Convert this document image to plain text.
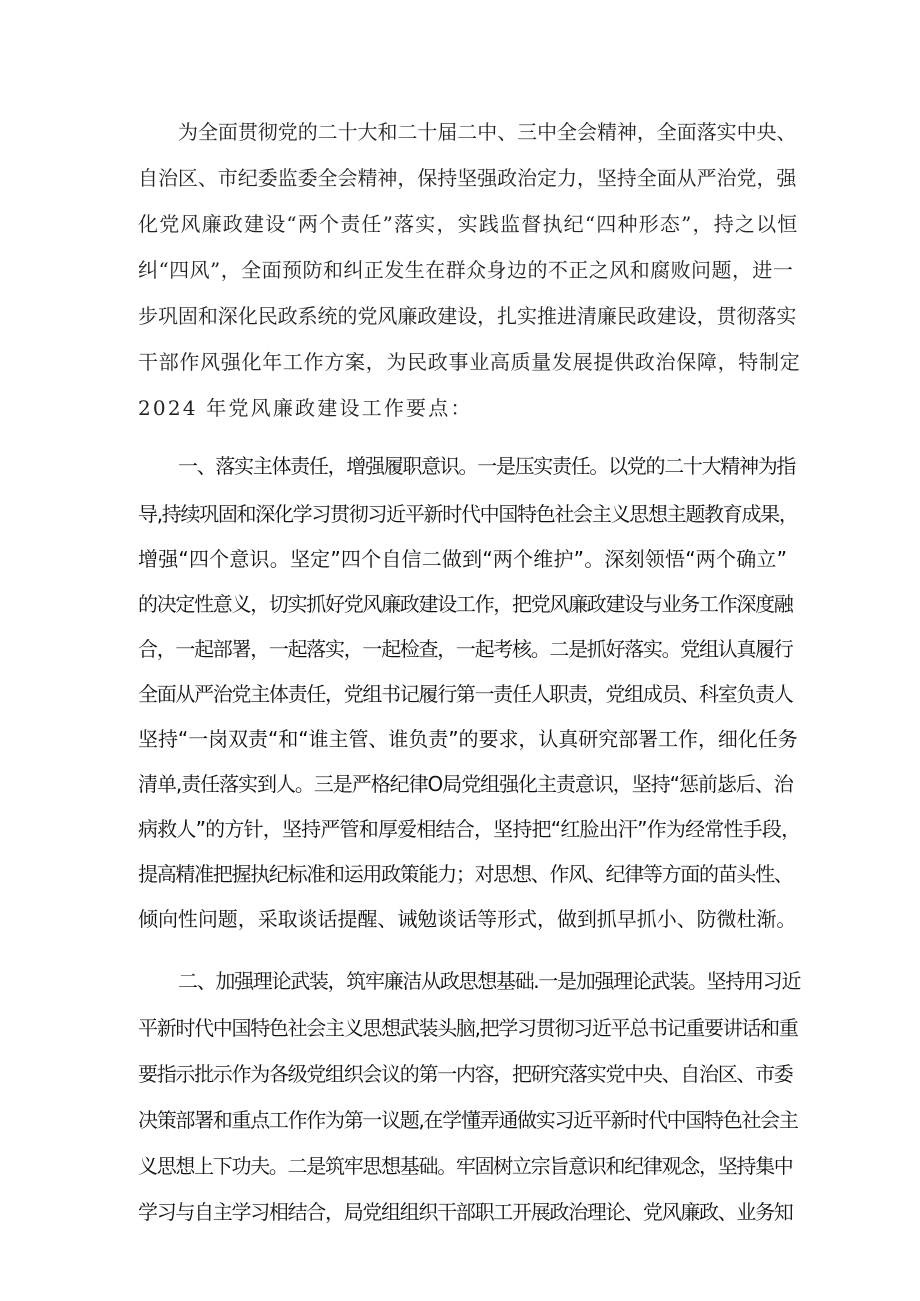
为全面贯彻党的二十大和二十届二中、三中全会精神，全面落实中央、
自治区、市纪委监委全会精神，保持坚强政治定力，坚持全面从严治党，强
化党风廉政建设“两个责任”落实，实践监督执纪“四种形态”，持之以恒
纠“四风”，全面预防和纠正发生在群众身边的不正之风和腐败问题，进一
步巩固和深化民政系统的党风廉政建设，扎实推进清廉民政建设，贯彻落实
干部作风强化年工作方案，为民政事业高质量发展提供政治保障，特制定
2024 年党风廉政建设工作要点：
一、落实主体责任，增强履职意识。一是压实责任。以党的二十大精神为指
导,持续巩固和深化学习贯彻习近平新时代中国特色社会主义思想主题教育成果，
增强“四个意识。坚定”四个自信二做到“两个维护”。深刻领悟“两个确立”
的决定性意义，切实抓好党风廉政建设工作，把党风廉政建设与业务工作深度融
合，一起部署，一起落实，一起检查，一起考核。二是抓好落实。党组认真履行
全面从严治党主体责任，党组书记履行第一责任人职责，党组成员、科室负责人
坚持“一岗双责“和“谁主管、谁负责”的要求，认真研究部署工作，细化任务
清单,责任落实到人。三是严格纪律O局党组强化主责意识，坚持“惩前毖后、治
病救人”的方针，坚持严管和厚爱相结合，坚持把“红脸出汗”作为经常性手段，
提高精准把握执纪标准和运用政策能力；对思想、作风、纪律等方面的苗头性、
倾向性问题，采取谈话提醒、诫勉谈话等形式，做到抓早抓小、防微杜渐。
二、加强理论武装，筑牢廉洁从政思想基础.一是加强理论武装。坚持用习近
平新时代中国特色社会主义思想武装头脑,把学习贯彻习近平总书记重要讲话和重
要指示批示作为各级党组织会议的第一内容，把研究落实党中央、自治区、市委
决策部署和重点工作作为第一议题,在学懂弄通做实习近平新时代中国特色社会主
义思想上下功夫。二是筑牢思想基础。牢固树立宗旨意识和纪律观念，坚持集中
学习与自主学习相结合，局党组组织干部职工开展政治理论、党风廉政、业务知
